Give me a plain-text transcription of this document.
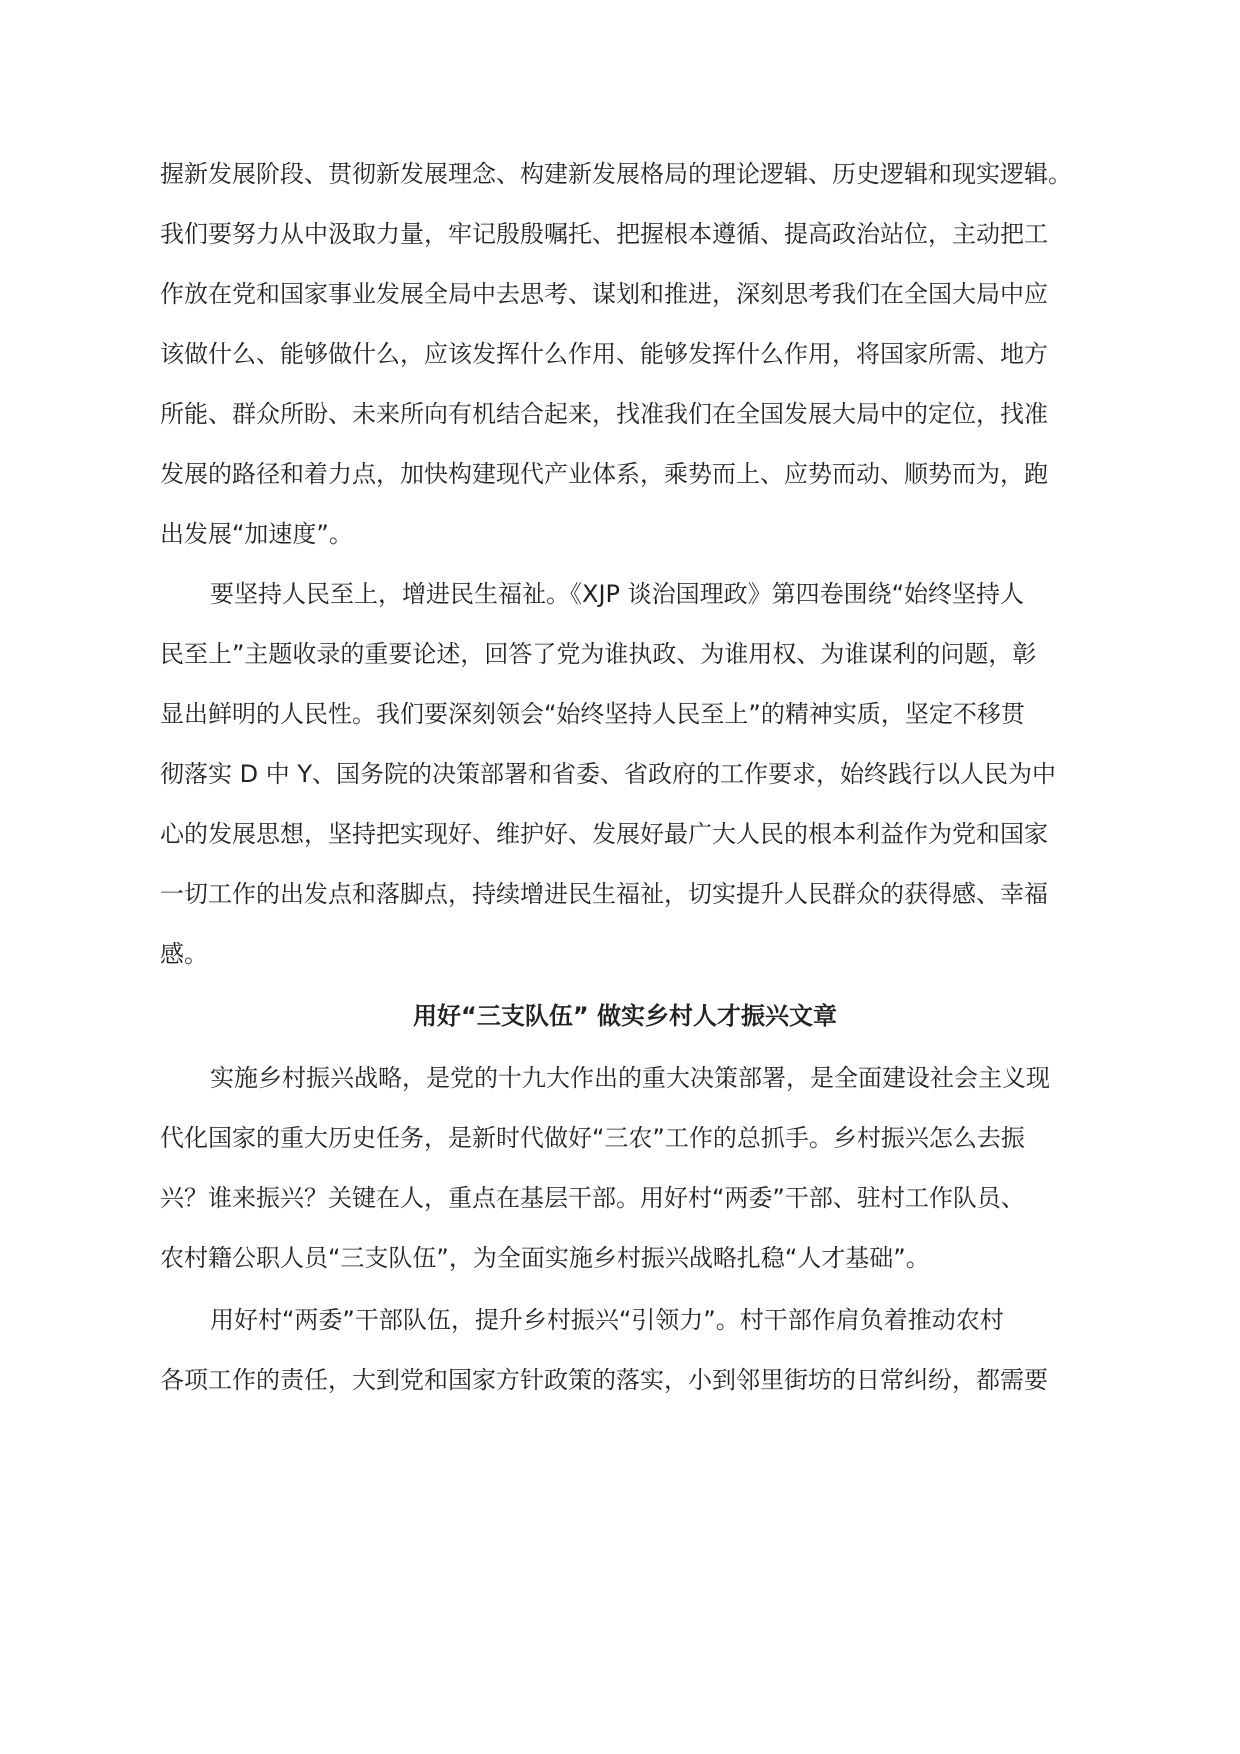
握新发展阶段、贯彻新发展理念、构建新发展格局的理论逻辑、历史逻辑和现实逻辑。
我们要努力从中汲取力量，牢记殷殷嘱托、把握根本遵循、提高政治站位，主动把工
作放在党和国家事业发展全局中去思考、谋划和推进，深刻思考我们在全国大局中应
该做什么、能够做什么，应该发挥什么作用、能够发挥什么作用，将国家所需、地方
所能、群众所盼、未来所向有机结合起来，找准我们在全国发展大局中的定位，找准
发展的路径和着力点，加快构建现代产业体系，乘势而上、应势而动、顺势而为，跑
出发展“加速度”。
要坚持人民至上，增进民生福祉。《XJP 谈治国理政》第四卷围绕“始终坚持人
民至上”主题收录的重要论述，回答了党为谁执政、为谁用权、为谁谋利的问题，彰
显出鲜明的人民性。我们要深刻领会“始终坚持人民至上”的精神实质，坚定不移贯
彻落实 D 中 Y、国务院的决策部署和省委、省政府的工作要求，始终践行以人民为中
心的发展思想，坚持把实现好、维护好、发展好最广大人民的根本利益作为党和国家
一切工作的出发点和落脚点，持续增进民生福祉，切实提升人民群众的获得感、幸福
感。
用好“三支队伍” 做实乡村人才振兴文章
实施乡村振兴战略，是党的十九大作出的重大决策部署，是全面建设社会主义现
代化国家的重大历史任务，是新时代做好“三农”工作的总抓手。乡村振兴怎么去振
兴？谁来振兴？关键在人，重点在基层干部。用好村“两委”干部、驻村工作队员、
农村籍公职人员“三支队伍”，为全面实施乡村振兴战略扎稳“人才基础”。
用好村“两委”干部队伍，提升乡村振兴“引领力”。村干部作肩负着推动农村
各项工作的责任，大到党和国家方针政策的落实，小到邻里街坊的日常纠纷，都需要
